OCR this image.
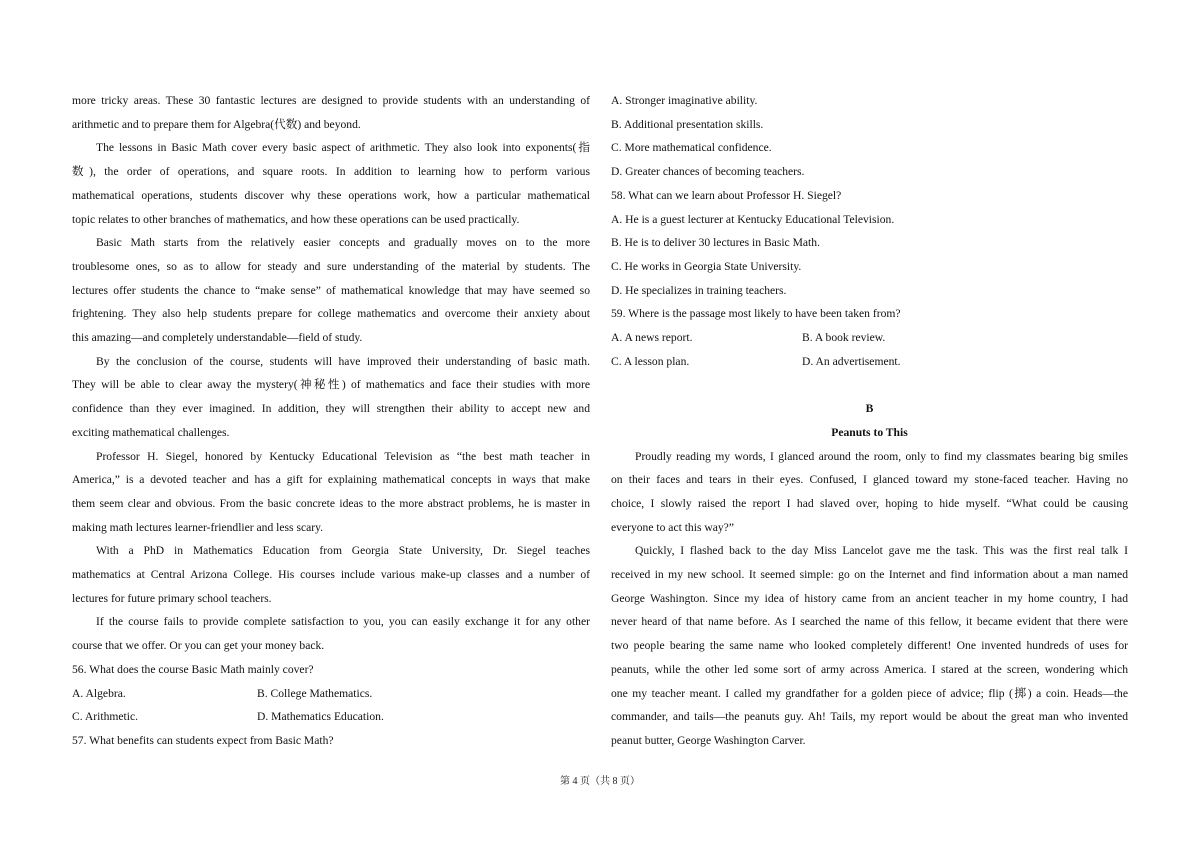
more tricky areas. These 30 fantastic lectures are designed to provide students with an understanding of

arithmetic and to prepare them for Algebra(代数) and beyond.

The lessons in Basic Math cover every basic aspect of arithmetic. They also look into exponents(指

数), the order of operations, and square roots. In addition to learning how to perform various

mathematical operations, students discover why these operations work, how a particular mathematical

topic relates to other branches of mathematics, and how these operations can be used practically.

Basic Math starts from the relatively easier concepts and gradually moves on to the more

troublesome ones, so as to allow for steady and sure understanding of the material by students. The

lectures offer students the chance to “make sense” of mathematical knowledge that may have seemed so

frightening. They also help students prepare for college mathematics and overcome their anxiety about

this amazing—and completely understandable—field of study.

By the conclusion of the course, students will have improved their understanding of basic math.

They will be able to clear away the mystery(神秘性) of mathematics and face their studies with more

confidence than they ever imagined. In addition, they will strengthen their ability to accept new and

exciting mathematical challenges.

Professor H. Siegel, honored by Kentucky Educational Television as “the best math teacher in

America,” is a devoted teacher and has a gift for explaining mathematical concepts in ways that make

them seem clear and obvious. From the basic concrete ideas to the more abstract problems, he is master in

making math lectures learner-friendlier and less scary.

With a PhD in Mathematics Education from Georgia State University, Dr. Siegel teaches

mathematics at Central Arizona College. His courses include various make-up classes and a number of

lectures for future primary school teachers.

If the course fails to provide complete satisfaction to you, you can easily exchange it for any other

course that we offer. Or you can get your money back.

56. What does the course Basic Math mainly cover?

A. Algebra.	B. College Mathematics.
C. Arithmetic.	D. Mathematics Education.

57. What benefits can students expect from Basic Math?

A. Stronger imaginative ability.

B. Additional presentation skills.

C. More mathematical confidence.

D. Greater chances of becoming teachers.

58. What can we learn about Professor H. Siegel?

A. He is a guest lecturer at Kentucky Educational Television.

B. He is to deliver 30 lectures in Basic Math.

C. He works in Georgia State University.

D. He specializes in training teachers.

59. Where is the passage most likely to have been taken from?

A. A news report.	B. A book review.
C. A lesson plan.	D. An advertisement.

B

Peanuts to This

Proudly reading my words, I glanced around the room, only to find my classmates bearing big smiles

on their faces and tears in their eyes. Confused, I glanced toward my stone-faced teacher. Having no

choice, I slowly raised the report I had slaved over, hoping to hide myself. “What could be causing

everyone to act this way?”

Quickly, I flashed back to the day Miss Lancelot gave me the task. This was the first real talk I

received in my new school. It seemed simple: go on the Internet and find information about a man named

George Washington. Since my idea of history came from an ancient teacher in my home country, I had

never heard of that name before. As I searched the name of this fellow, it became evident that there were

two people bearing the same name who looked completely different! One invented hundreds of uses for

peanuts, while the other led some sort of army across America. I stared at the screen, wondering which

one my teacher meant. I called my grandfather for a golden piece of advice; flip (掷) a coin. Heads—the

commander, and tails—the peanuts guy. Ah! Tails, my report would be about the great man who invented

peanut butter, George Washington Carver.

第 4 页（共 8 页）
